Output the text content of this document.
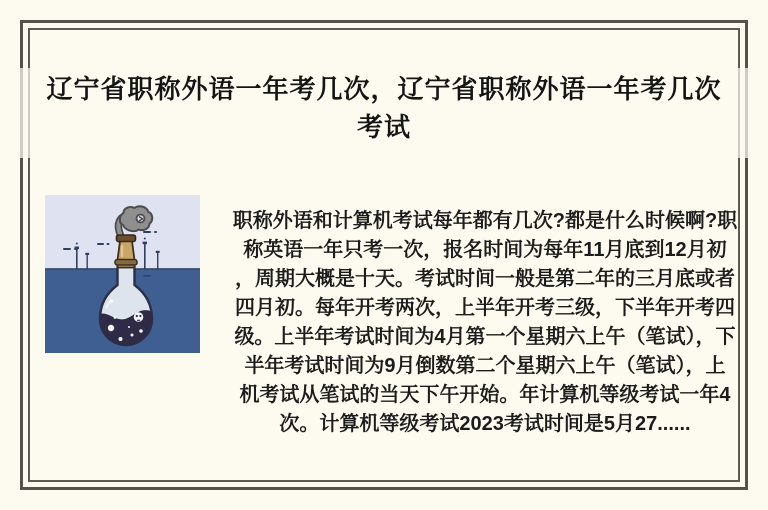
辽宁省职称外语一年考几次，辽宁省职称外语一年考几次
考试
职称外语和计算机考试每年都有几次?都是什么时候啊?职
称英语一年只考一次，报名时间为每年11月底到12月初
，周期大概是十天。考试时间一般是第二年的三月底或者
四月初。每年开考两次，上半年开考三级，下半年开考四
级。上半年考试时间为4月第一个星期六上午（笔试），下
半年考试时间为9月倒数第二个星期六上午（笔试），上
机考试从笔试的当天下午开始。年计算机等级考试一年4
次。计算机等级考试2023考试时间是5月27......
